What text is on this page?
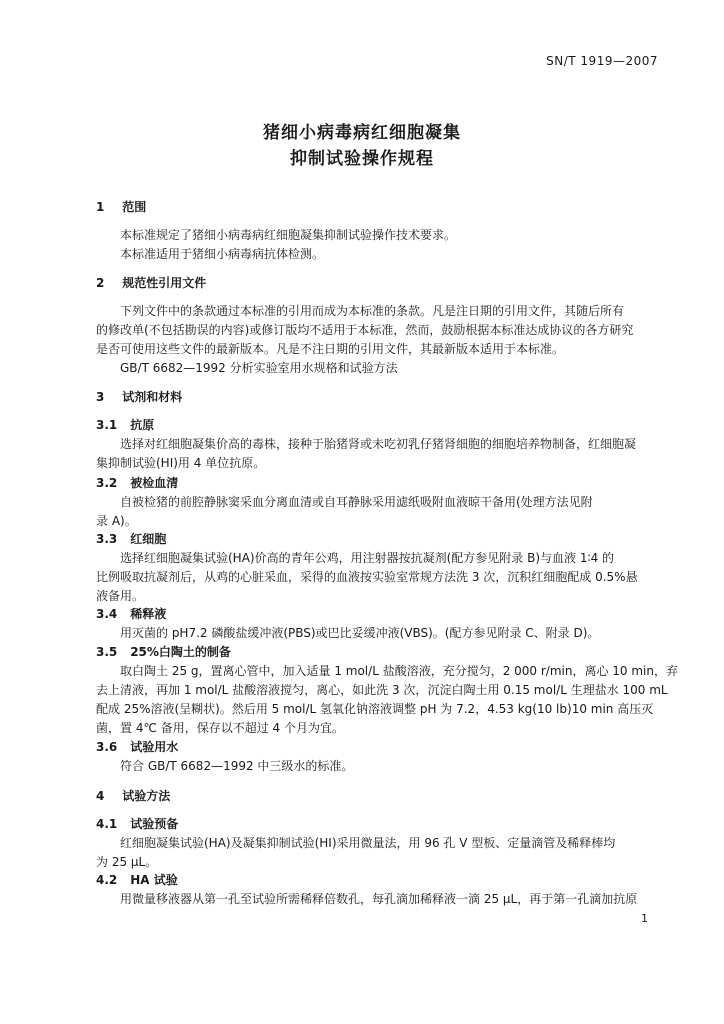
SN/T 1919—2007
猪细小病毒病红细胞凝集
抑制试验操作规程
1 范围
本标准规定了猪细小病毒病红细胞凝集抑制试验操作技术要求。
本标准适用于猪细小病毒病抗体检测。
2 规范性引用文件
下列文件中的条款通过本标准的引用而成为本标准的条款。凡是注日期的引用文件，其随后所有
的修改单(不包括勘误的内容)或修订版均不适用于本标准，然而，鼓励根据本标准达成协议的各方研究
是否可使用这些文件的最新版本。凡是不注日期的引用文件，其最新版本适用于本标准。
GB/T 6682—1992 分析实验室用水规格和试验方法
3 试剂和材料
3.1 抗原
选择对红细胞凝集价高的毒株，接种于胎猪肾或未吃初乳仔猪肾细胞的细胞培养物制备，红细胞凝
集抑制试验(HI)用 4 单位抗原。
3.2 被检血清
自被检猪的前腔静脉窦采血分离血清或自耳静脉采用滤纸吸附血液晾干备用(处理方法见附
录 A)。
3.3 红细胞
选择红细胞凝集试验(HA)价高的青年公鸡，用注射器按抗凝剂(配方参见附录 B)与血液 1∶4 的
比例吸取抗凝剂后，从鸡的心脏采血，采得的血液按实验室常规方法洗 3 次，沉积红细胞配成 0.5%悬
液备用。
3.4 稀释液
用灭菌的 pH7.2 磷酸盐缓冲液(PBS)或巴比妥缓冲液(VBS)。(配方参见附录 C、附录 D)。
3.5 25%白陶土的制备
取白陶土 25 g，置离心管中，加入适量 1 mol/L 盐酸溶液，充分搅匀，2 000 r/min，离心 10 min，弃
去上清液，再加 1 mol/L 盐酸溶液搅匀，离心，如此洗 3 次，沉淀白陶土用 0.15 mol/L 生理盐水 100 mL
配成 25%溶液(呈糊状)。然后用 5 mol/L 氢氧化钠溶液调整 pH 为 7.2，4.53 kg(10 lb)10 min 高压灭
菌，置 4℃ 备用，保存以不超过 4 个月为宜。
3.6 试验用水
符合 GB/T 6682—1992 中三级水的标准。
4 试验方法
4.1 试验预备
红细胞凝集试验(HA)及凝集抑制试验(HI)采用微量法，用 96 孔 V 型板、定量滴管及稀释棒均
为 25 μL。
4.2 HA 试验
用微量移液器从第一孔至试验所需稀释倍数孔，每孔滴加稀释液一滴 25 μL，再于第一孔滴加抗原
1
